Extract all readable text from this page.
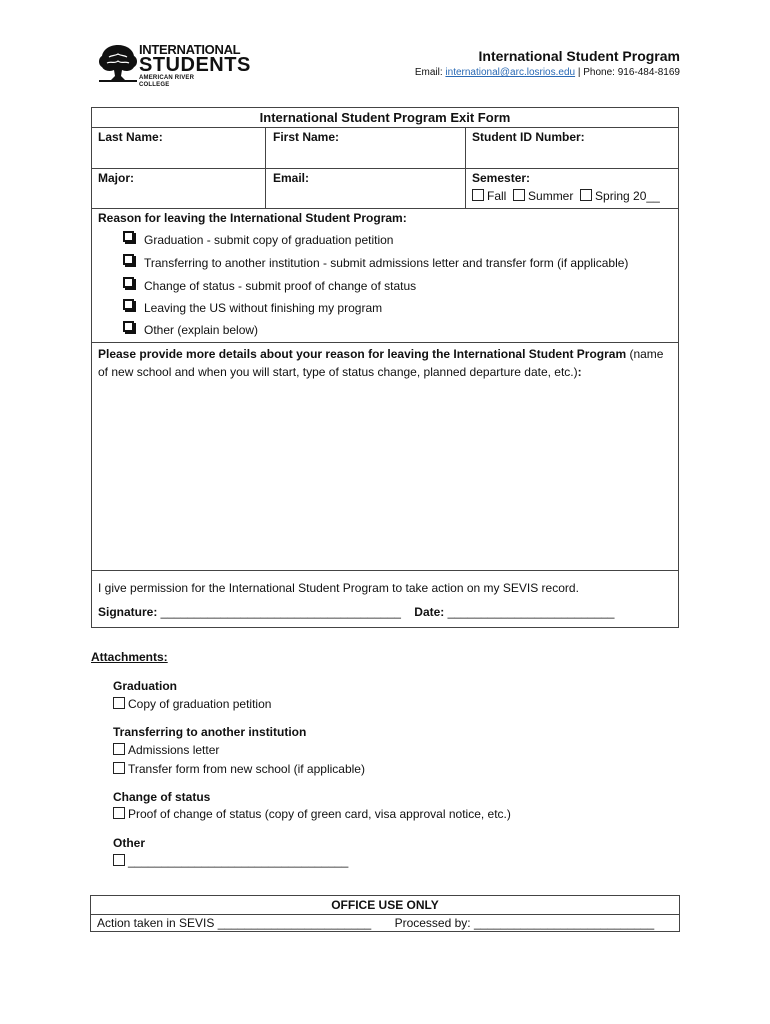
INTERNATIONAL
STUDENTS
AMERICAN RIVER COLLEGE
International Student Program
Email: international@arc.losrios.edu | Phone: 916-484-8169
International Student Program Exit Form
Last Name:	First Name:	Student ID Number:
Major:	Email:	Semester:
Fall Summer Spring 20__
Reason for leaving the International Student Program:
Graduation - submit copy of graduation petition
Transferring to another institution - submit admissions letter and transfer form (if applicable)
Change of status - submit proof of change of status
Leaving the US without finishing my program
Other (explain below)
Please provide more details about your reason for leaving the International Student Program (name of new school and when you will start, type of status change, planned departure date, etc.):
I give permission for the International Student Program to take action on my SEVIS record.
Signature: ____________________________________ Date: _________________________
Attachments:
Graduation
Copy of graduation petition
Transferring to another institution
Admissions letter
Transfer form from new school (if applicable)
Change of status
Proof of change of status (copy of green card, visa approval notice, etc.)
Other
_________________________________
OFFICE USE ONLY
Action taken in SEVIS _______________________ Processed by: ___________________________
